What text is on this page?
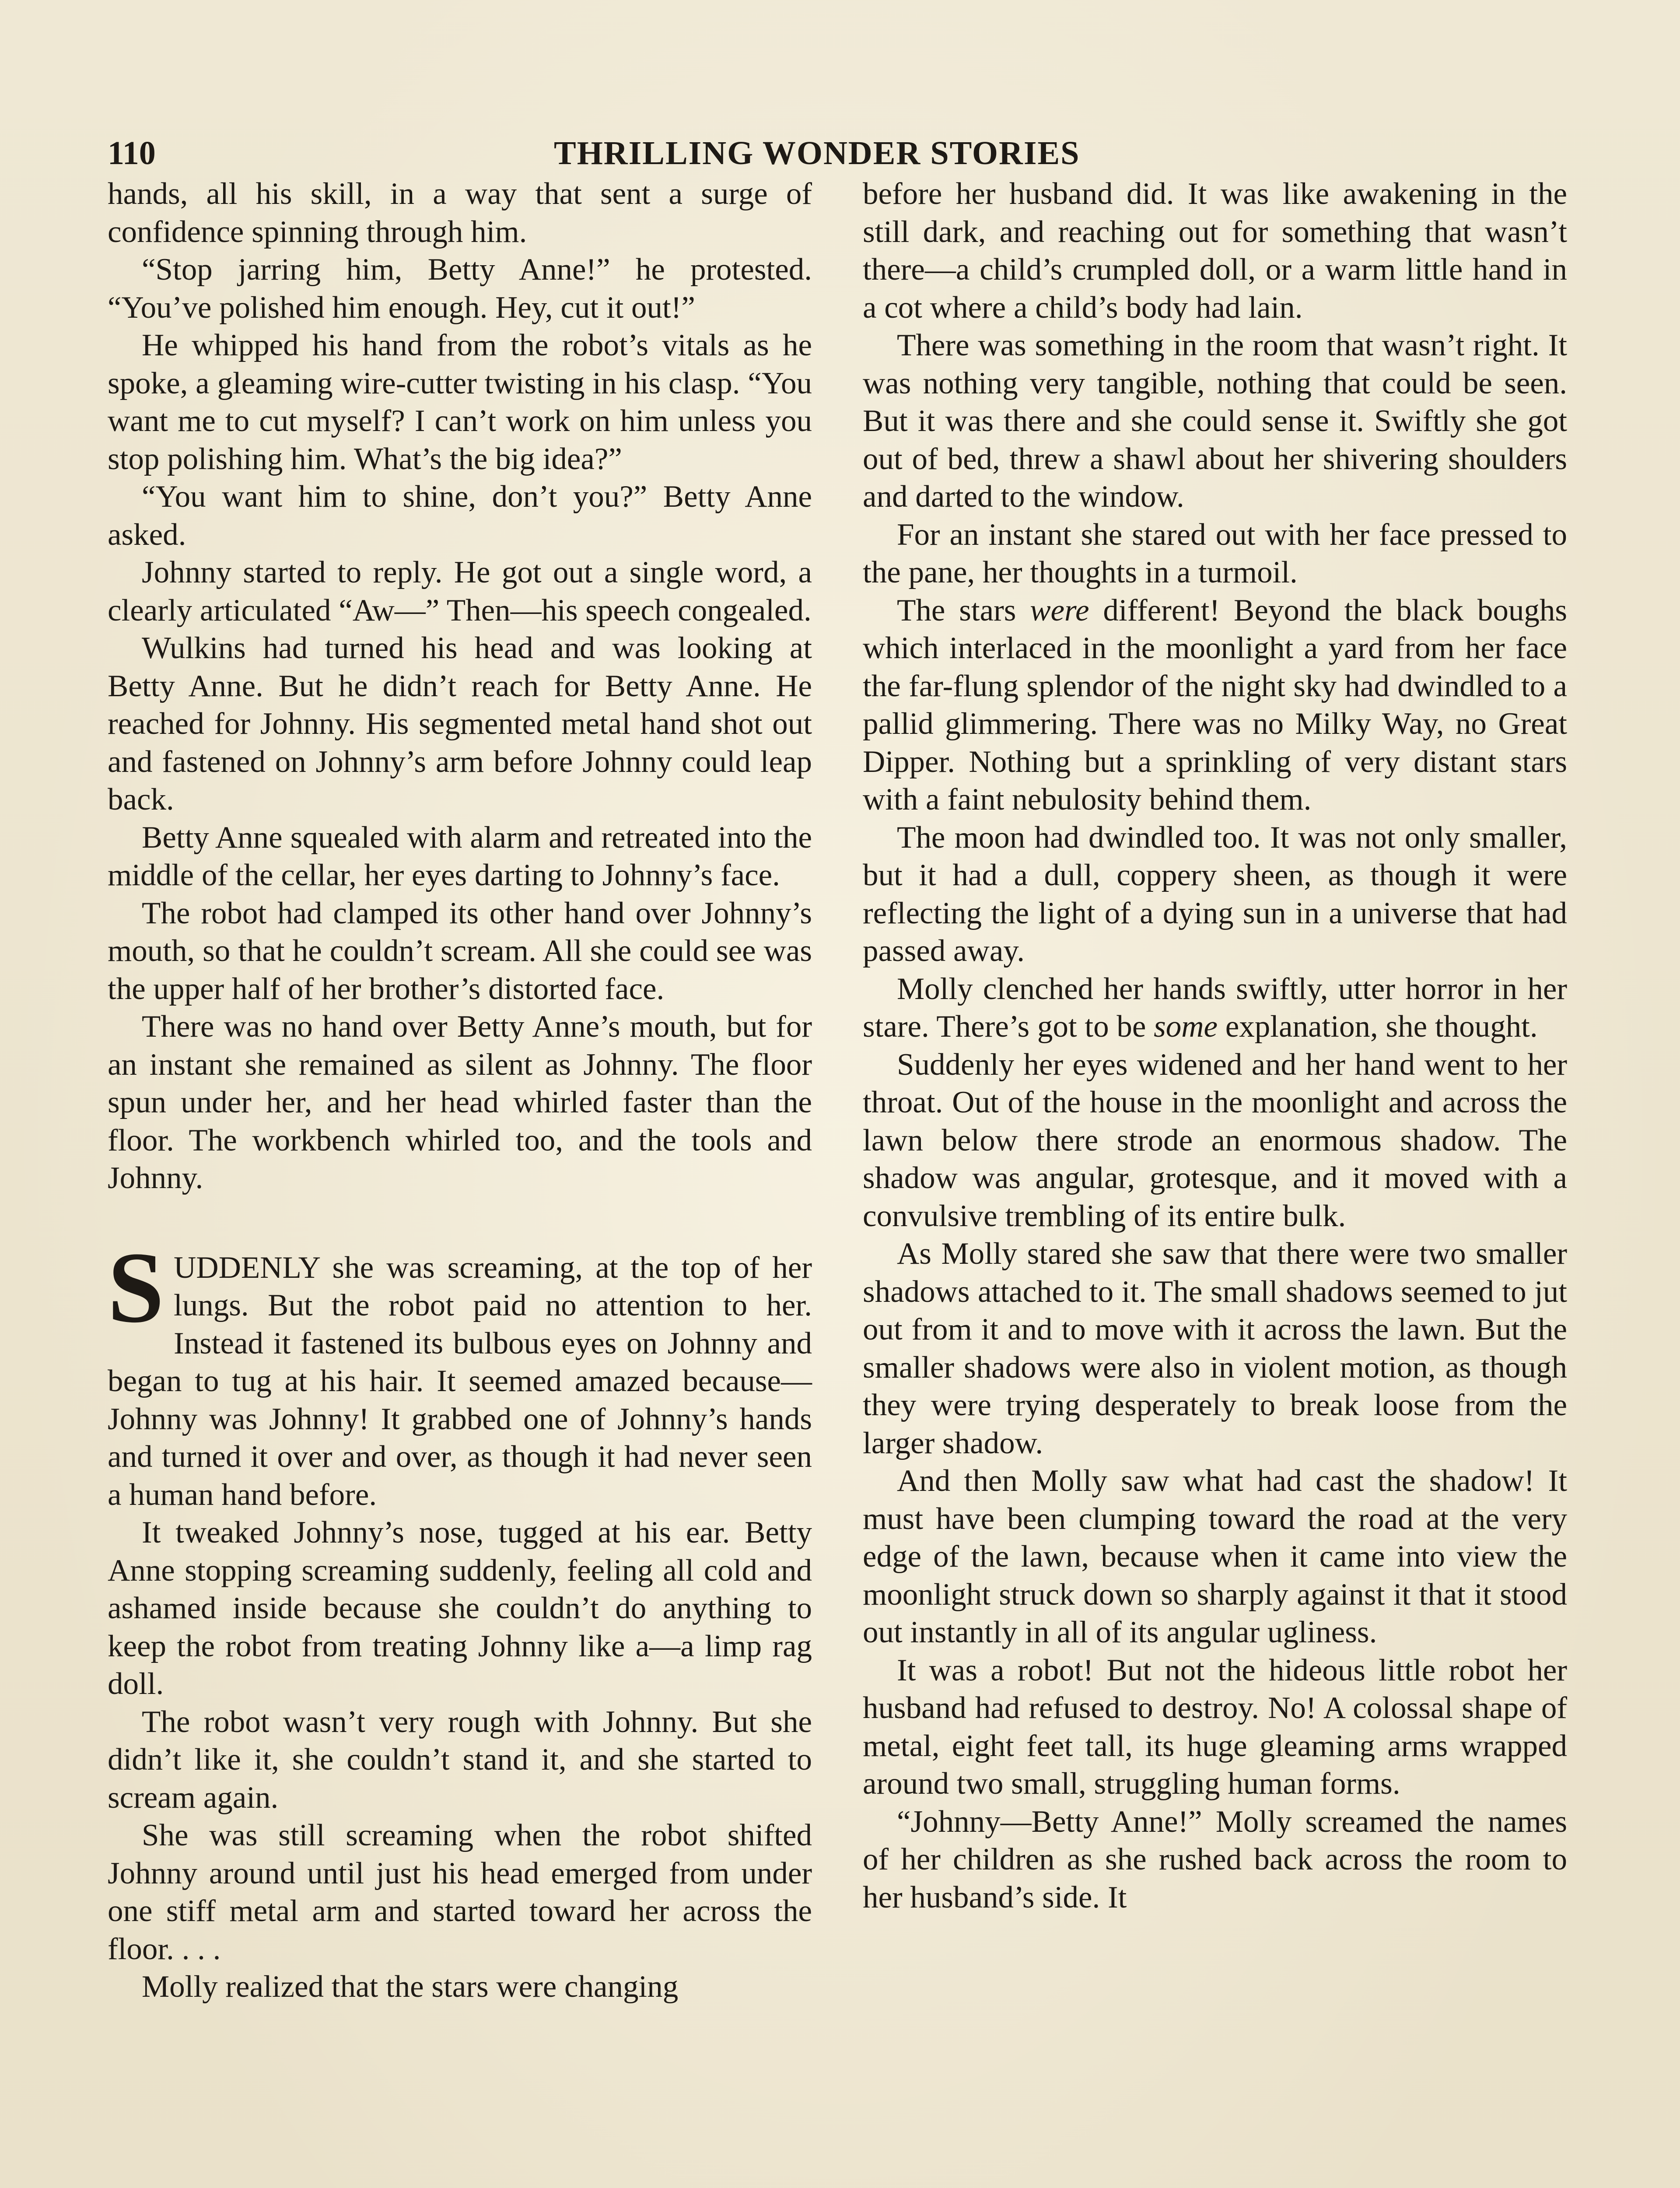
110	THRILLING WONDER STORIES

hands, all his skill, in a way that sent a surge of confidence spinning through him.

“Stop jarring him, Betty Anne!” he protested. “You’ve polished him enough. Hey, cut it out!”

He whipped his hand from the robot’s vitals as he spoke, a gleaming wire-cutter twisting in his clasp. “You want me to cut myself? I can’t work on him unless you stop polishing him. What’s the big idea?”

“You want him to shine, don’t you?” Betty Anne asked.

Johnny started to reply. He got out a single word, a clearly articulated “Aw—” Then—his speech congealed.

Wulkins had turned his head and was looking at Betty Anne. But he didn’t reach for Betty Anne. He reached for Johnny. His segmented metal hand shot out and fastened on Johnny’s arm before Johnny could leap back.

Betty Anne squealed with alarm and retreated into the middle of the cellar, her eyes darting to Johnny’s face.

The robot had clamped its other hand over Johnny’s mouth, so that he couldn’t scream. All she could see was the upper half of her brother’s distorted face.

There was no hand over Betty Anne’s mouth, but for an instant she remained as silent as Johnny. The floor spun under her, and her head whirled faster than the floor. The workbench whirled too, and the tools and Johnny.

SUDDENLY she was screaming, at the top of her lungs. But the robot paid no attention to her. Instead it fastened its bulbous eyes on Johnny and began to tug at his hair. It seemed amazed because—Johnny was Johnny! It grabbed one of Johnny’s hands and turned it over and over, as though it had never seen a human hand before.

It tweaked Johnny’s nose, tugged at his ear. Betty Anne stopping screaming suddenly, feeling all cold and ashamed inside because she couldn’t do anything to keep the robot from treating Johnny like a—a limp rag doll.

The robot wasn’t very rough with Johnny. But she didn’t like it, she couldn’t stand it, and she started to scream again.

She was still screaming when the robot shifted Johnny around until just his head emerged from under one stiff metal arm and started toward her across the floor. . . .

Molly realized that the stars were changing

before her husband did. It was like awakening in the still dark, and reaching out for something that wasn’t there—a child’s crumpled doll, or a warm little hand in a cot where a child’s body had lain.

There was something in the room that wasn’t right. It was nothing very tangible, nothing that could be seen. But it was there and she could sense it. Swiftly she got out of bed, threw a shawl about her shivering shoulders and darted to the window.

For an instant she stared out with her face pressed to the pane, her thoughts in a turmoil.

The stars were different! Beyond the black boughs which interlaced in the moonlight a yard from her face the far-flung splendor of the night sky had dwindled to a pallid glimmering. There was no Milky Way, no Great Dipper. Nothing but a sprinkling of very distant stars with a faint nebulosity behind them.

The moon had dwindled too. It was not only smaller, but it had a dull, coppery sheen, as though it were reflecting the light of a dying sun in a universe that had passed away.

Molly clenched her hands swiftly, utter horror in her stare. There’s got to be some explanation, she thought.

Suddenly her eyes widened and her hand went to her throat. Out of the house in the moonlight and across the lawn below there strode an enormous shadow. The shadow was angular, grotesque, and it moved with a convulsive trembling of its entire bulk.

As Molly stared she saw that there were two smaller shadows attached to it. The small shadows seemed to jut out from it and to move with it across the lawn. But the smaller shadows were also in violent motion, as though they were trying desperately to break loose from the larger shadow.

And then Molly saw what had cast the shadow! It must have been clumping toward the road at the very edge of the lawn, because when it came into view the moonlight struck down so sharply against it that it stood out instantly in all of its angular ugliness.

It was a robot! But not the hideous little robot her husband had refused to destroy. No! A colossal shape of metal, eight feet tall, its huge gleaming arms wrapped around two small, struggling human forms.

“Johnny—Betty Anne!” Molly screamed the names of her children as she rushed back across the room to her husband’s side. It
